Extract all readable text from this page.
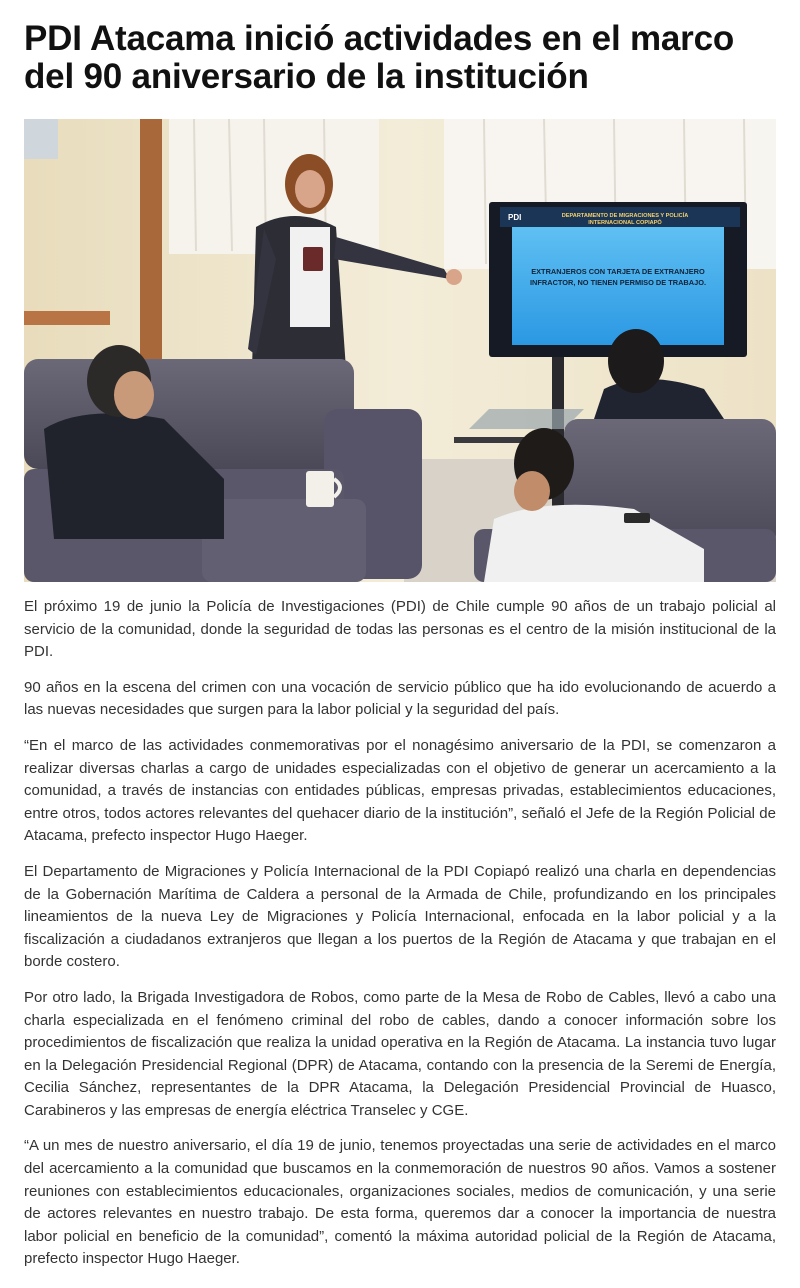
PDI Atacama inició actividades en el marco del 90 aniversario de la institución
PDI	DEPARTAMENTO DE MIGRACIONES Y POLICÍA
INTERNACIONAL COPIAPÓ
EXTRANJEROS CON TARJETA DE EXTRANJERO
INFRACTOR, NO TIENEN PERMISO DE TRABAJO.

El próximo 19 de junio la Policía de Investigaciones (PDI) de Chile cumple 90 años de un trabajo policial al servicio de la comunidad, donde la seguridad de todas las personas es el centro de la misión institucional de la PDI.

90 años en la escena del crimen con una vocación de servicio público que ha ido evolucionando de acuerdo a las nuevas necesidades que surgen para la labor policial y la seguridad del país.

“En el marco de las actividades conmemorativas por el nonagésimo aniversario de la PDI, se comenzaron a realizar diversas charlas a cargo de unidades especializadas con el objetivo de generar un acercamiento a la comunidad, a través de instancias con entidades públicas, empresas privadas, establecimientos educaciones, entre otros, todos actores relevantes del quehacer diario de la institución”, señaló el Jefe de la Región Policial de Atacama, prefecto inspector Hugo Haeger.

El Departamento de Migraciones y Policía Internacional de la PDI Copiapó realizó una charla en dependencias de la Gobernación Marítima de Caldera a personal de la Armada de Chile, profundizando en los principales lineamientos de la nueva Ley de Migraciones y Policía Internacional, enfocada en la labor policial y a la fiscalización a ciudadanos extranjeros que llegan a los puertos de la Región de Atacama y que trabajan en el borde costero.

Por otro lado, la Brigada Investigadora de Robos, como parte de la Mesa de Robo de Cables, llevó a cabo una charla especializada en el fenómeno criminal del robo de cables, dando a conocer información sobre los procedimientos de fiscalización que realiza la unidad operativa en la Región de Atacama. La instancia tuvo lugar en la Delegación Presidencial Regional (DPR) de Atacama, contando con la presencia de la Seremi de Energía, Cecilia Sánchez, representantes de la DPR Atacama, la Delegación Presidencial Provincial de Huasco, Carabineros y las empresas de energía eléctrica Transelec y CGE.

“A un mes de nuestro aniversario, el día 19 de junio, tenemos proyectadas una serie de actividades en el marco del acercamiento a la comunidad que buscamos en la conmemoración de nuestros 90 años. Vamos a sostener reuniones con establecimientos educacionales, organizaciones sociales, medios de comunicación, y una serie de actores relevantes en nuestro trabajo. De esta forma, queremos dar a conocer la importancia de nuestra labor policial en beneficio de la comunidad”, comentó la máxima autoridad policial de la Región de Atacama, prefecto inspector Hugo Haeger.
